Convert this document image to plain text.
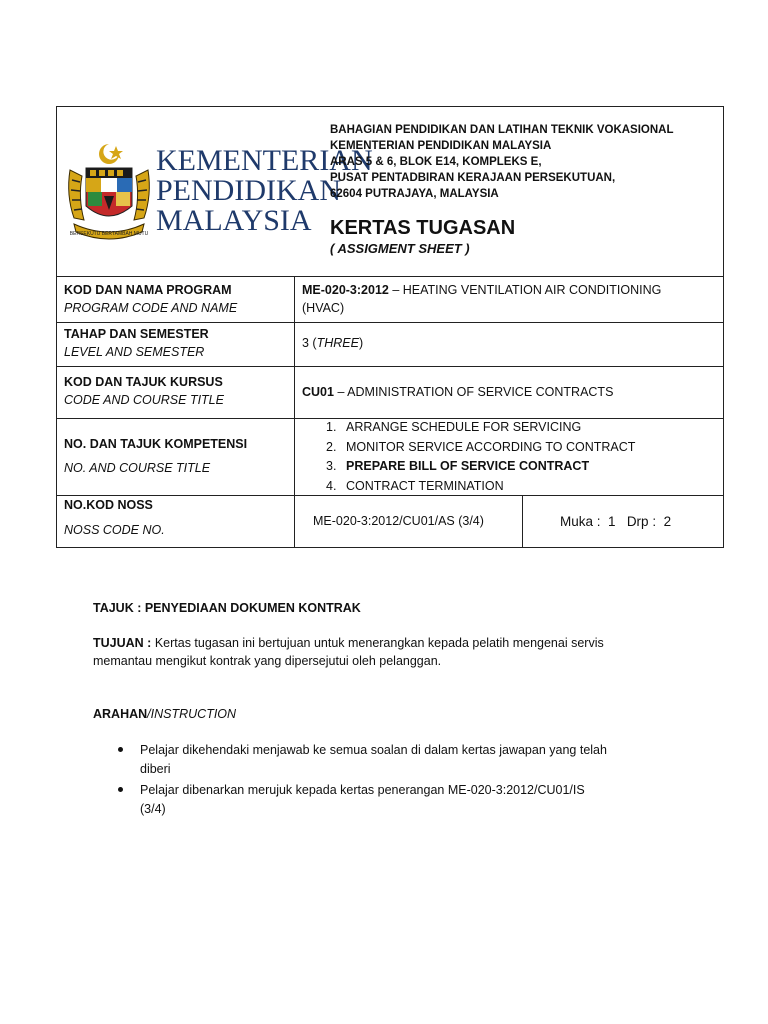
BERSEKUTU BERTAMBAH MUTU
KEMENTERIAN
PENDIDIKAN
MALAYSIA
BAHAGIAN PENDIDIKAN DAN LATIHAN TEKNIK VOKASIONAL
KEMENTERIAN PENDIDIKAN MALAYSIA
ARAS 5 & 6, BLOK E14, KOMPLEKS E,
PUSAT PENTADBIRAN KERAJAAN PERSEKUTUAN,
62604 PUTRAJAYA, MALAYSIA
KERTAS TUGASAN
( ASSIGMENT SHEET )
KOD DAN NAMA PROGRAM
PROGRAM CODE AND NAME
ME-020-3:2012 – HEATING VENTILATION AIR CONDITIONING
(HVAC)
TAHAP DAN SEMESTER
LEVEL AND SEMESTER
3 (THREE)
KOD DAN TAJUK KURSUS
CODE AND COURSE TITLE
CU01 – ADMINISTRATION OF SERVICE CONTRACTS
NO. DAN TAJUK KOMPETENSI
NO. AND COURSE TITLE
1. ARRANGE SCHEDULE FOR SERVICING
2. MONITOR SERVICE ACCORDING TO CONTRACT
3. PREPARE BILL OF SERVICE CONTRACT
4. CONTRACT TERMINATION
NO.KOD NOSS
NOSS CODE NO.
ME-020-3:2012/CU01/AS (3/4)	Muka : 1 Drp : 2
TAJUK : PENYEDIAAN DOKUMEN KONTRAK
TUJUAN : Kertas tugasan ini bertujuan untuk menerangkan kepada pelatih mengenai servis
memantau mengikut kontrak yang dipersejutui oleh pelanggan.
ARAHAN/INSTRUCTION
Pelajar dikehendaki menjawab ke semua soalan di dalam kertas jawapan yang telah
diberi
Pelajar dibenarkan merujuk kepada kertas penerangan ME-020-3:2012/CU01/IS
(3/4)
